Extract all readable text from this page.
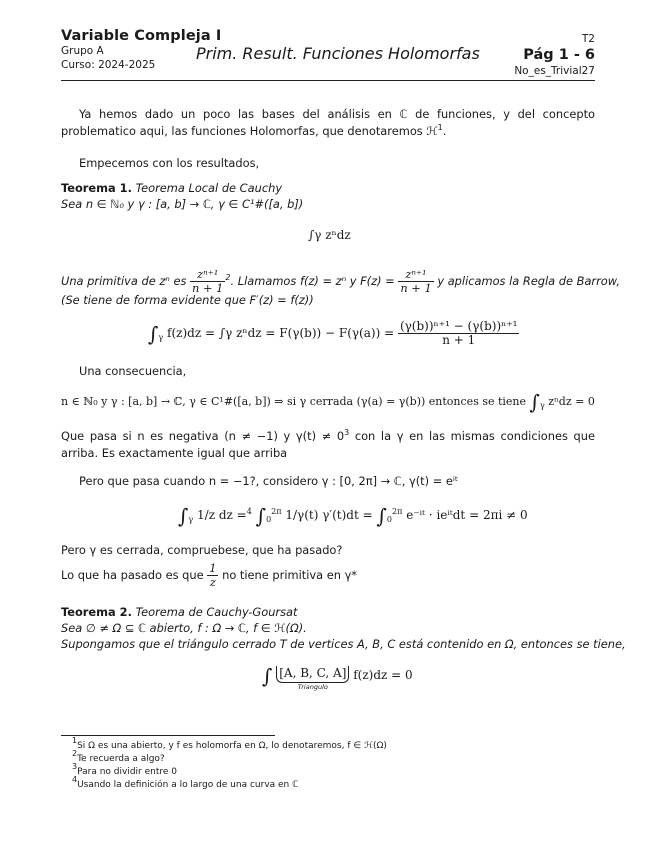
Variable Compleja I
Grupo A
Curso: 2024-2025
Prim. Result. Funciones Holomorfas
T2
Pág 1 - 6
No_es_Trivial27
Ya hemos dado un poco las bases del análisis en ℂ de funciones, y del concepto problematico aqui, las funciones Holomorfas, que denotaremos ℋ$^1$.
Empecemos con los resultados,
Teorema 1. Teorema Local de Cauchy
Sea n ∈ ℕ₀ y γ : [a, b] → ℂ, γ ∈ C¹#([a, b])
∫γ zⁿdz
Una primitiva de zⁿ es $\frac{\text{zⁿ⁺¹}}{n + 1} ^2$. Llamamos f(z) = zⁿ y $F(z) = \frac{\text{zⁿ⁺¹}}{n + 1}$ y aplicamos la Regla de Barrow,
(Se tiene de forma evidente que F′(z) = f(z))
$\int_\gamma$ f(z)dz = ∫γ $z^ndz = F(\gamma(b)) - F(\gamma(a)) = \frac{\text{(γ(b))ⁿ⁺¹ − (γ(b))ⁿ⁺¹}}{n + 1}$
Una consecuencia,
n ∈ ℕ₀ y γ : [a, b] → ℂ, γ ∈ C¹#([a, b]) ⇒ si γ cerrada (γ(a) = γ(b)) entonces se tiene $\int_\gamma$ zⁿdz = 0
Que pasa si n es negativa (n ≠ −1) y $\gamma(t) \ne 0^3$ con la γ en las mismas condiciones que arriba. Es exactamente igual que arriba
Pero que pasa cuando n = −1?, considero γ : [0, 2π] → ℂ, γ(t) = eⁱᵗ
$\int_\gamma$ 1/z dz =$^4$ $\int_0^{2\pi}$ 1/γ(t) $\gamma'(t)dt = \int_0^{2\pi}$ e⁻ⁱᵗ · ieⁱᵗdt = 2πi ≠ 0
Pero γ es cerrada, compruebese, que ha pasado?
Lo que ha pasado es que $\frac{1}{z}$ no tiene primitiva en γ*
Teorema 2. Teorema de Cauchy-Goursat
Sea ∅ ≠ Ω ⊆ ℂ abierto, f : Ω → ℂ, f ∈ ℋ(Ω).
Supongamos que el triángulo cerrado T de vertices A, B, C está contenido en Ω, entonces se tiene,
∫ [A, B, C, A]
Triangulo
f(z)dz = 0
$^1$Si Ω es una abierto, y f es holomorfa en Ω, lo denotaremos, f ∈ ℋ(Ω)
$^2$Te recuerda a algo?
$^3$Para no dividir entre 0
$^4$Usando la definición a lo largo de una curva en ℂ
